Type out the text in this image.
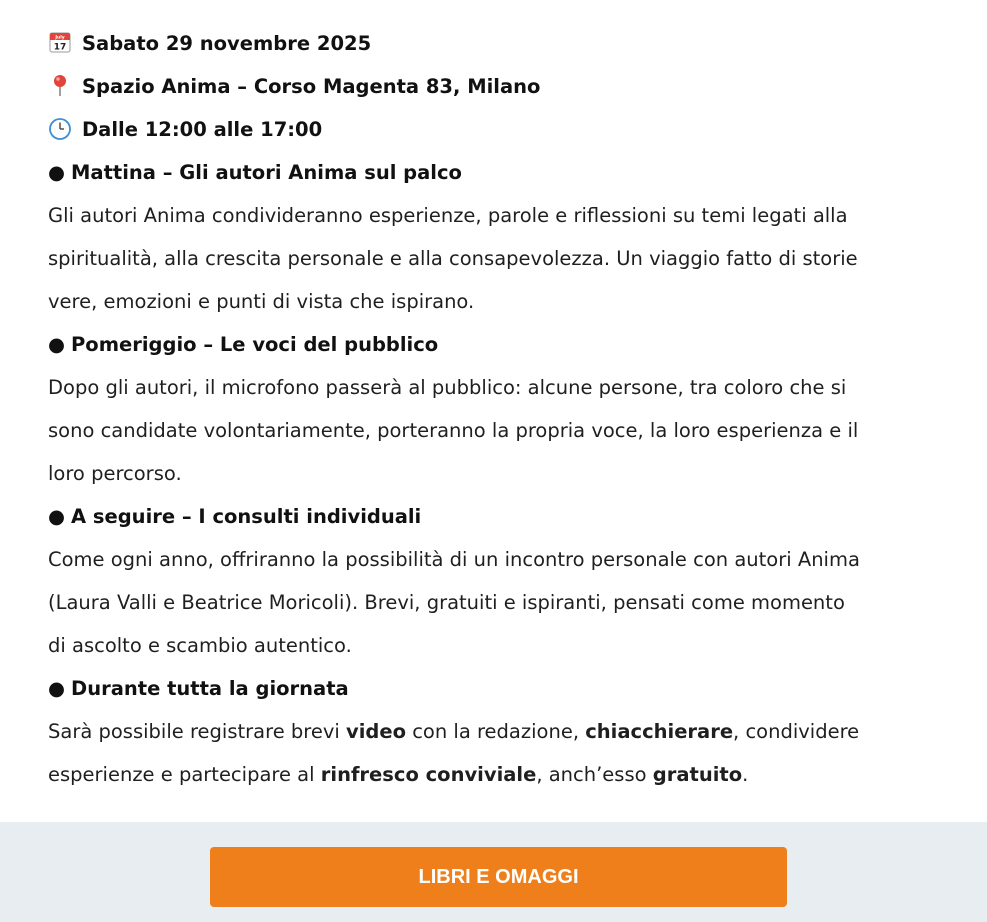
July
17 Sabato 29 novembre 2025
Spazio Anima – Corso Magenta 83, Milano
Dalle 12:00 alle 17:00
● Mattina – Gli autori Anima sul palco
Gli autori Anima condivideranno esperienze, parole e riflessioni su temi legati alla
spiritualità, alla crescita personale e alla consapevolezza. Un viaggio fatto di storie
vere, emozioni e punti di vista che ispirano.
● Pomeriggio – Le voci del pubblico
Dopo gli autori, il microfono passerà al pubblico: alcune persone, tra coloro che si
sono candidate volontariamente, porteranno la propria voce, la loro esperienza e il
loro percorso.
● A seguire – I consulti individuali
Come ogni anno, offriranno la possibilità di un incontro personale con autori Anima
(Laura Valli e Beatrice Moricoli). Brevi, gratuiti e ispiranti, pensati come momento
di ascolto e scambio autentico.
● Durante tutta la giornata
Sarà possibile registrare brevi video con la redazione, chiacchierare, condividere
esperienze e partecipare al rinfresco conviviale, anch’esso gratuito.
LIBRI E OMAGGI
